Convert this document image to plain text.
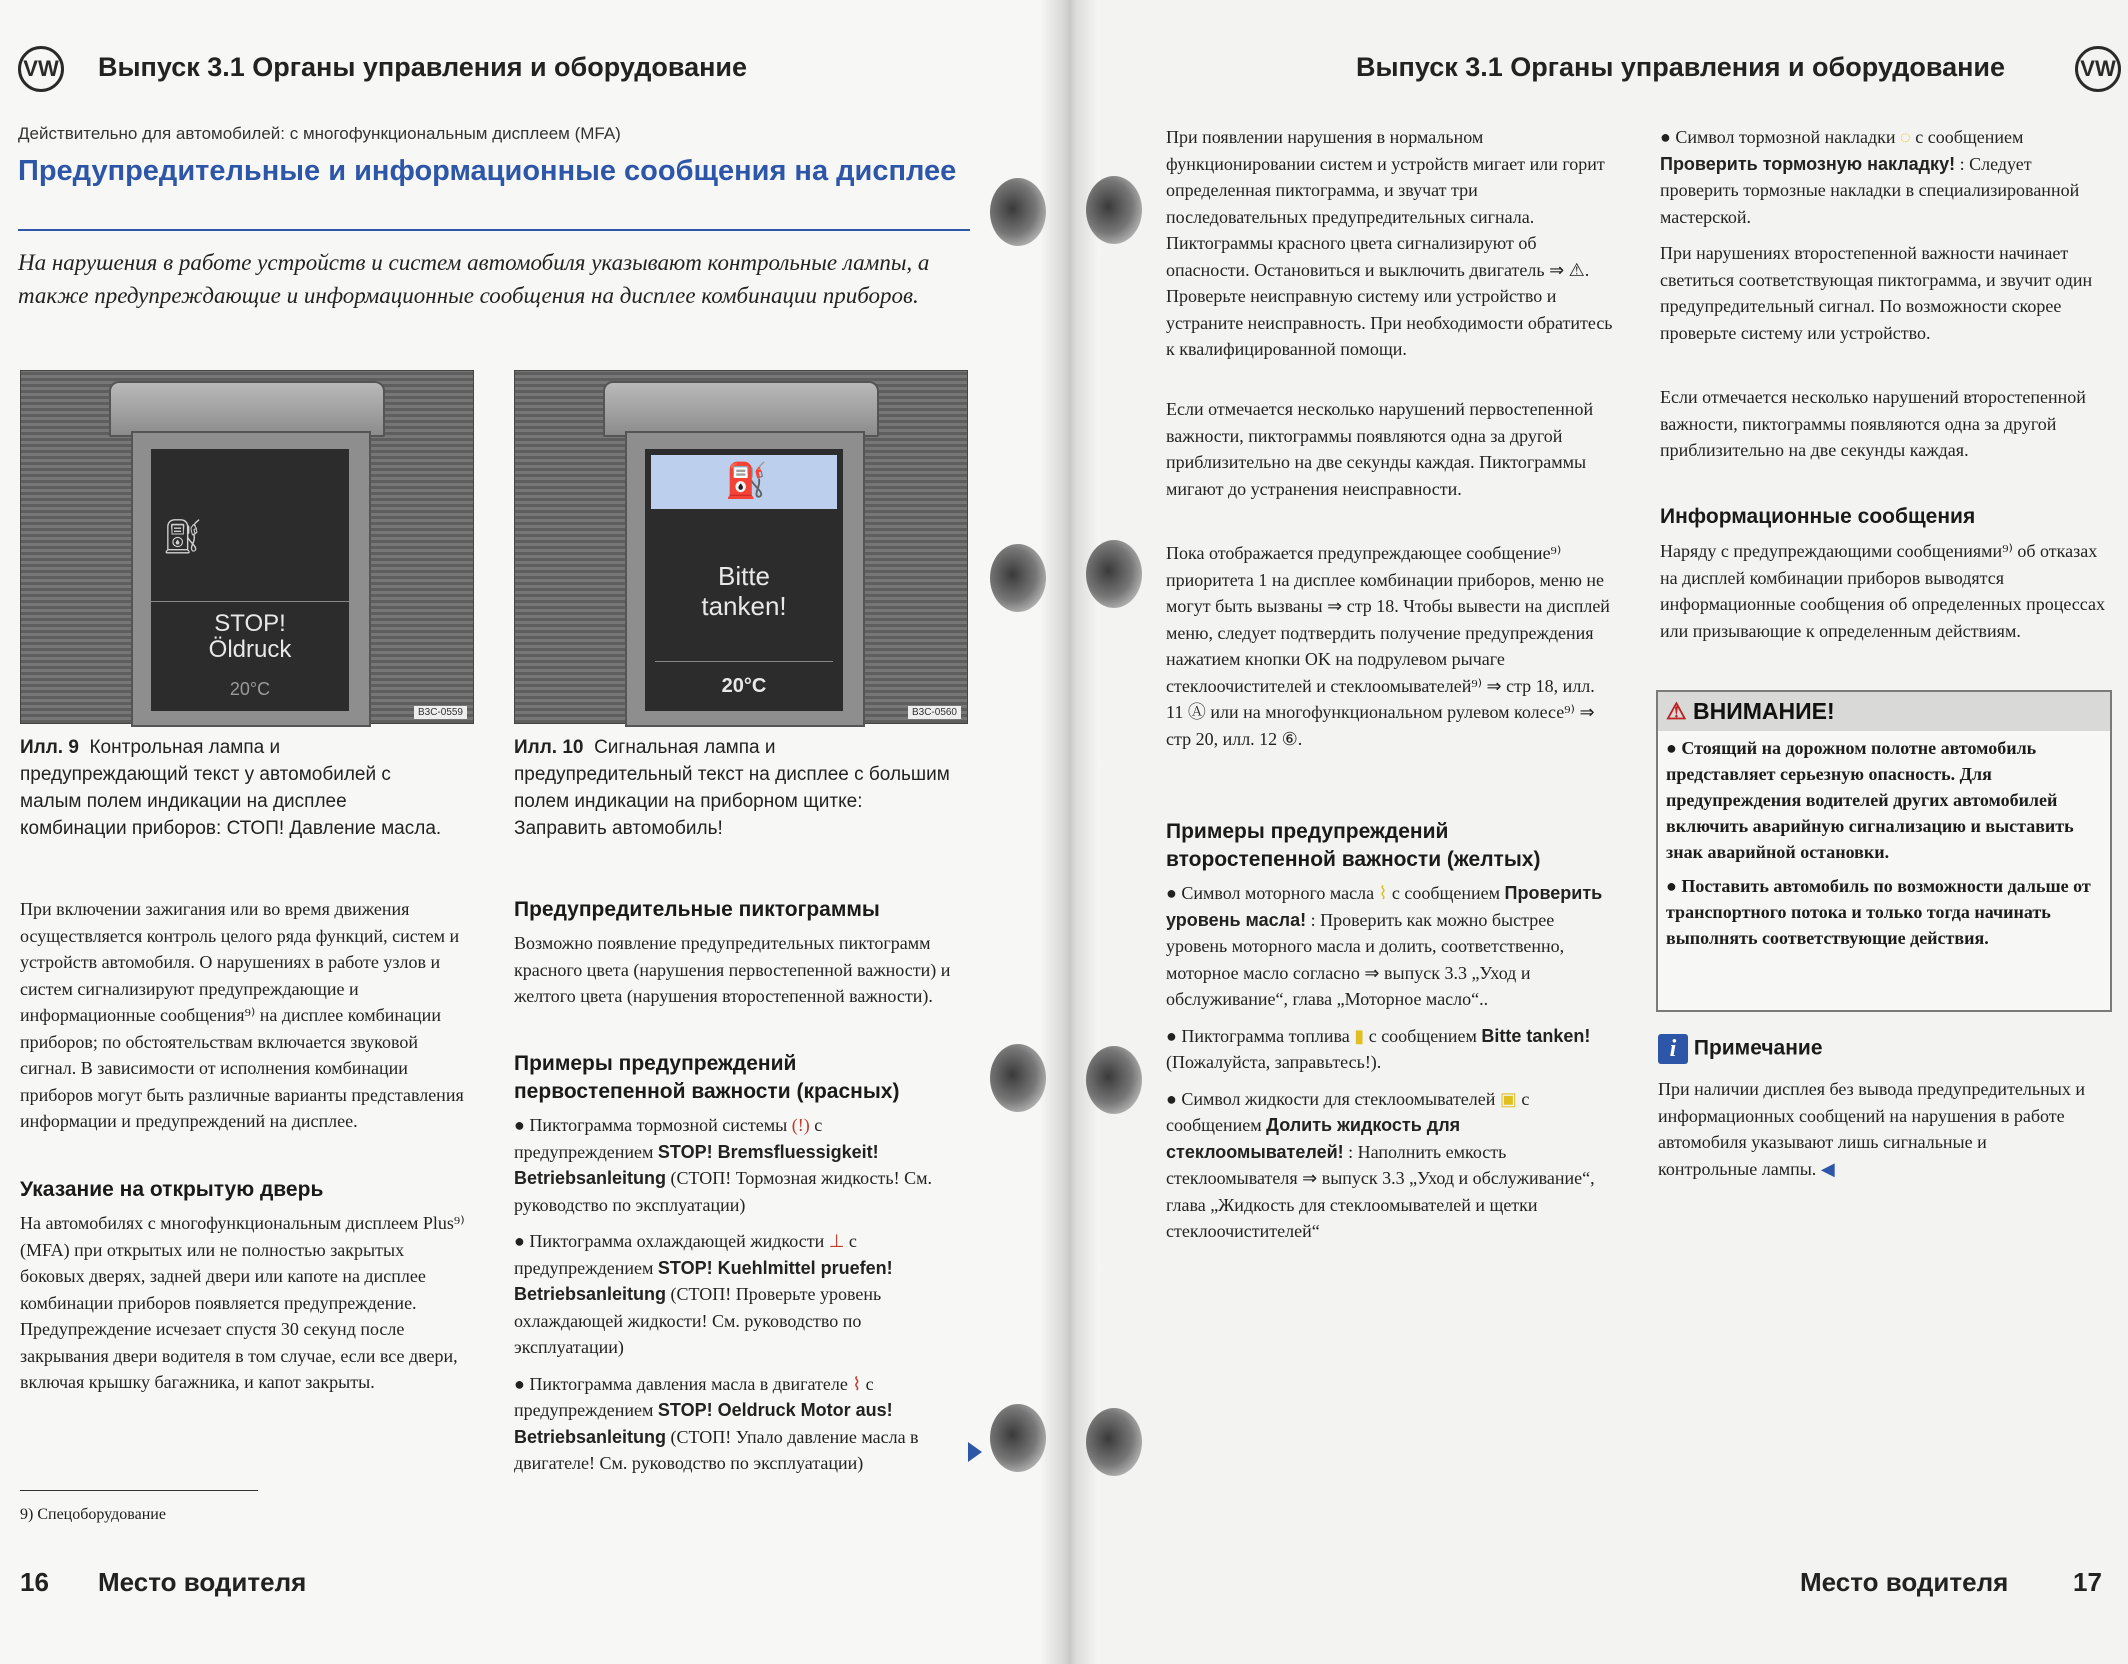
VW Выпуск 3.1 Органы управления и оборудование
Действительно для автомобилей: с многофункциональным дисплеем (MFA)
Предупредительные и информационные сообщения на дисплее
На нарушения в работе устройств и систем автомобиля указывают контрольные лампы, а также предупреждающие и информационные сообщения на дисплее комбинации приборов.
⛽︎
STOP!
Öldruck
20°C
B3C-0559
⛽
Bitte
tanken!
20°C
B3C-0560
Илл. 9 Контрольная лампа и предупреждающий текст у автомобилей с малым полем индикации на дисплее комбинации приборов: СТОП! Давление масла.
Илл. 10 Сигнальная лампа и предупредительный текст на дисплее с большим полем индикации на приборном щитке: Заправить автомобиль!
При включении зажигания или во время движения осуществляется контроль целого ряда функций, систем и устройств автомобиля. О нарушениях в работе узлов и систем сигнализируют предупреждающие и информационные сообщения⁹⁾ на дисплее комбинации приборов; по обстоятельствам включается звуковой сигнал. В зависимости от исполнения комбинации приборов могут быть различные варианты представления информации и предупреждений на дисплее.
Указание на открытую дверь
На автомобилях с многофункциональным дисплеем Plus⁹⁾ (MFA) при открытых или не полностью закрытых боковых дверях, задней двери или капоте на дисплее комбинации приборов появляется предупреждение. Предупреждение исчезает спустя 30 секунд после закрывания двери водителя в том случае, если все двери, включая крышку багажника, и капот закрыты.
Предупредительные пиктограммы
Возможно появление предупредительных пиктограмм красного цвета (нарушения первостепенной важности) и желтого цвета (нарушения второстепенной важности).
Примеры предупреждений первостепенной важности (красных)
● Пиктограмма тормозной системы (!) с предупреждением STOP! Bremsfluessigkeit! Betriebsanleitung (СТОП! Тормозная жидкость! См. руководство по эксплуатации)
● Пиктограмма охлаждающей жидкости ⊥ с предупреждением STOP! Kuehlmittel pruefen! Betriebsanleitung (СТОП! Проверьте уровень охлаждающей жидкости! См. руководство по эксплуатации)
● Пиктограмма давления масла в двигателе ⌇ с предупреждением STOP! Oeldruck Motor aus! Betriebsanleitung (СТОП! Упало давление масла в двигателе! См. руководство по эксплуатации)
9) Спецоборудование
16 Место водителя
Выпуск 3.1 Органы управления и оборудование	VW
При появлении нарушения в нормальном функционировании систем и устройств мигает или горит определенная пиктограмма, и звучат три последовательных предупредительных сигнала. Пиктограммы красного цвета сигнализируют об опасности. Остановиться и выключить двигатель ⇒ ⚠. Проверьте неисправную систему или устройство и устраните неисправность. При необходимости обратитесь к квалифицированной помощи.
Если отмечается несколько нарушений первостепенной важности, пиктограммы появляются одна за другой приблизительно на две секунды каждая. Пиктограммы мигают до устранения неисправности.
Пока отображается предупреждающее сообщение⁹⁾ приоритета 1 на дисплее комбинации приборов, меню не могут быть вызваны ⇒ стр 18. Чтобы вывести на дисплей меню, следует подтвердить получение предупреждения нажатием кнопки OK на подрулевом рычаге стеклоочистителей и стеклоомывателей⁹⁾ ⇒ стр 18, илл. 11 Ⓐ или на многофункциональном рулевом колесе⁹⁾ ⇒ стр 20, илл. 12 ⑥.
Примеры предупреждений второстепенной важности (желтых)
● Символ моторного масла ⌇ с сообщением Проверить уровень масла! : Проверить как можно быстрее уровень моторного масла и долить, соответственно, моторное масло согласно ⇒ выпуск 3.3 „Уход и обслуживание“, глава „Моторное масло“..
● Пиктограмма топлива ▮ с сообщением Bitte tanken! (Пожалуйста, заправьтесь!).
● Символ жидкости для стеклоомывателей ▣ с сообщением Долить жидкость для стеклоомывателей! : Наполнить емкость стеклоомывателя ⇒ выпуск 3.3 „Уход и обслуживание“, глава „Жидкость для стеклоомывателей и щетки стеклоочистителей“
● Символ тормозной накладки ◌ с сообщением Проверить тормозную накладку! : Следует проверить тормозные накладки в специализированной мастерской.
При нарушениях второстепенной важности начинает светиться соответствующая пиктограмма, и звучит один предупредительный сигнал. По возможности скорее проверьте систему или устройство.
Если отмечается несколько нарушений второстепенной важности, пиктограммы появляются одна за другой приблизительно на две секунды каждая.
Информационные сообщения
Наряду с предупреждающими сообщениями⁹⁾ об отказах на дисплей комбинации приборов выводятся информационные сообщения об определенных процессах или призывающие к определенным действиям.
⚠ ВНИМАНИЕ!
● Стоящий на дорожном полотне автомобиль представляет серьезную опасность. Для предупреждения водителей других автомобилей включить аварийную сигнализацию и выставить знак аварийной остановки.
● Поставить автомобиль по возможности дальше от транспортного потока и только тогда начинать выполнять соответствующие действия.
i Примечание
При наличии дисплея без вывода предупредительных и информационных сообщений на нарушения в работе автомобиля указывают лишь сигнальные и контрольные лампы. ◀
Место водителя 17
